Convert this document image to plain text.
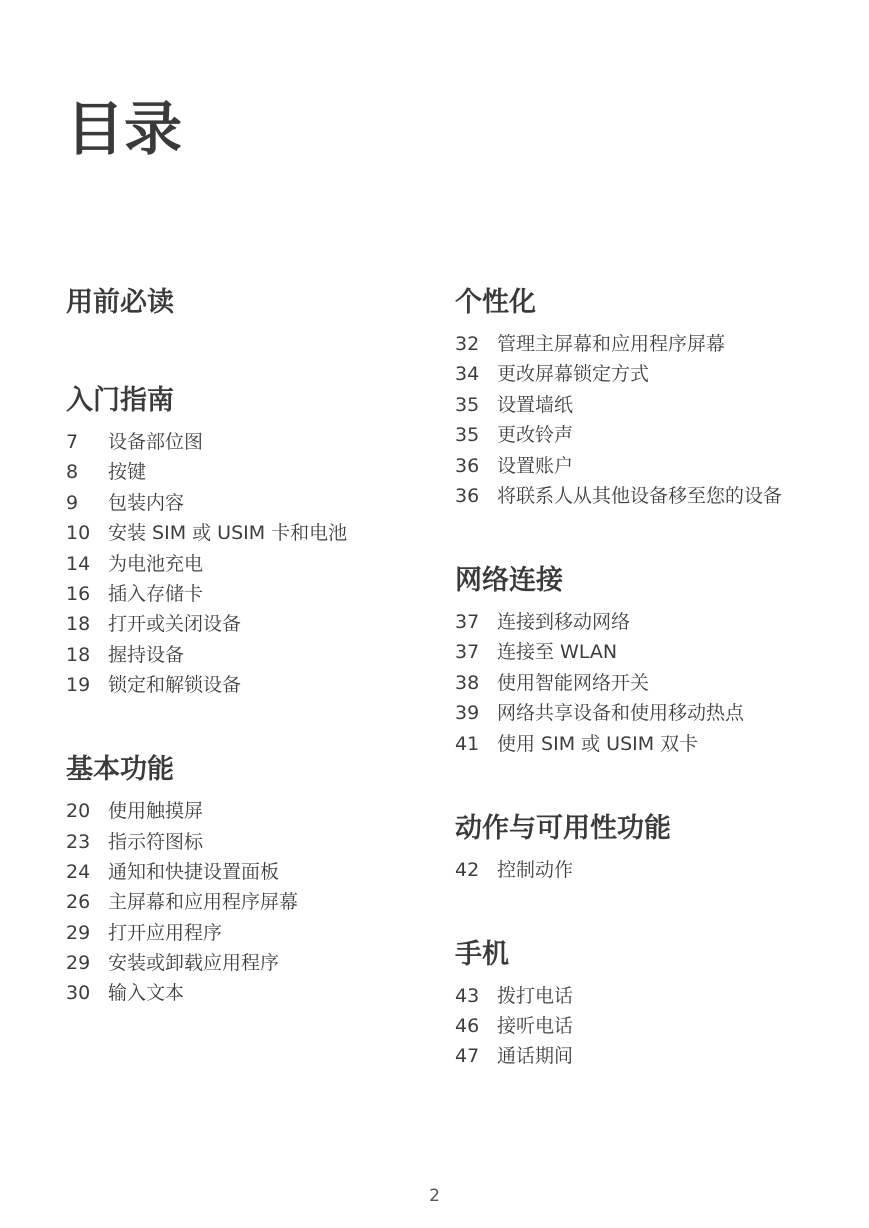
目录
用前必读
入门指南
7	设备部位图
8	按键
9	包装内容
10 安装 SIM 或 USIM 卡和电池
14 为电池充电
16 插入存储卡
18 打开或关闭设备
18 握持设备
19 锁定和解锁设备
基本功能
20 使用触摸屏
23 指示符图标
24 通知和快捷设置面板
26 主屏幕和应用程序屏幕
29 打开应用程序
29 安装或卸载应用程序
30 输入文本
个性化
32 管理主屏幕和应用程序屏幕
34 更改屏幕锁定方式
35 设置墙纸
35 更改铃声
36 设置账户
36 将联系人从其他设备移至您的设备
网络连接
37 连接到移动网络
37 连接至 WLAN
38 使用智能网络开关
39 网络共享设备和使用移动热点
41 使用 SIM 或 USIM 双卡
动作与可用性功能
42 控制动作
手机
43 拨打电话
46 接听电话
47 通话期间
2
